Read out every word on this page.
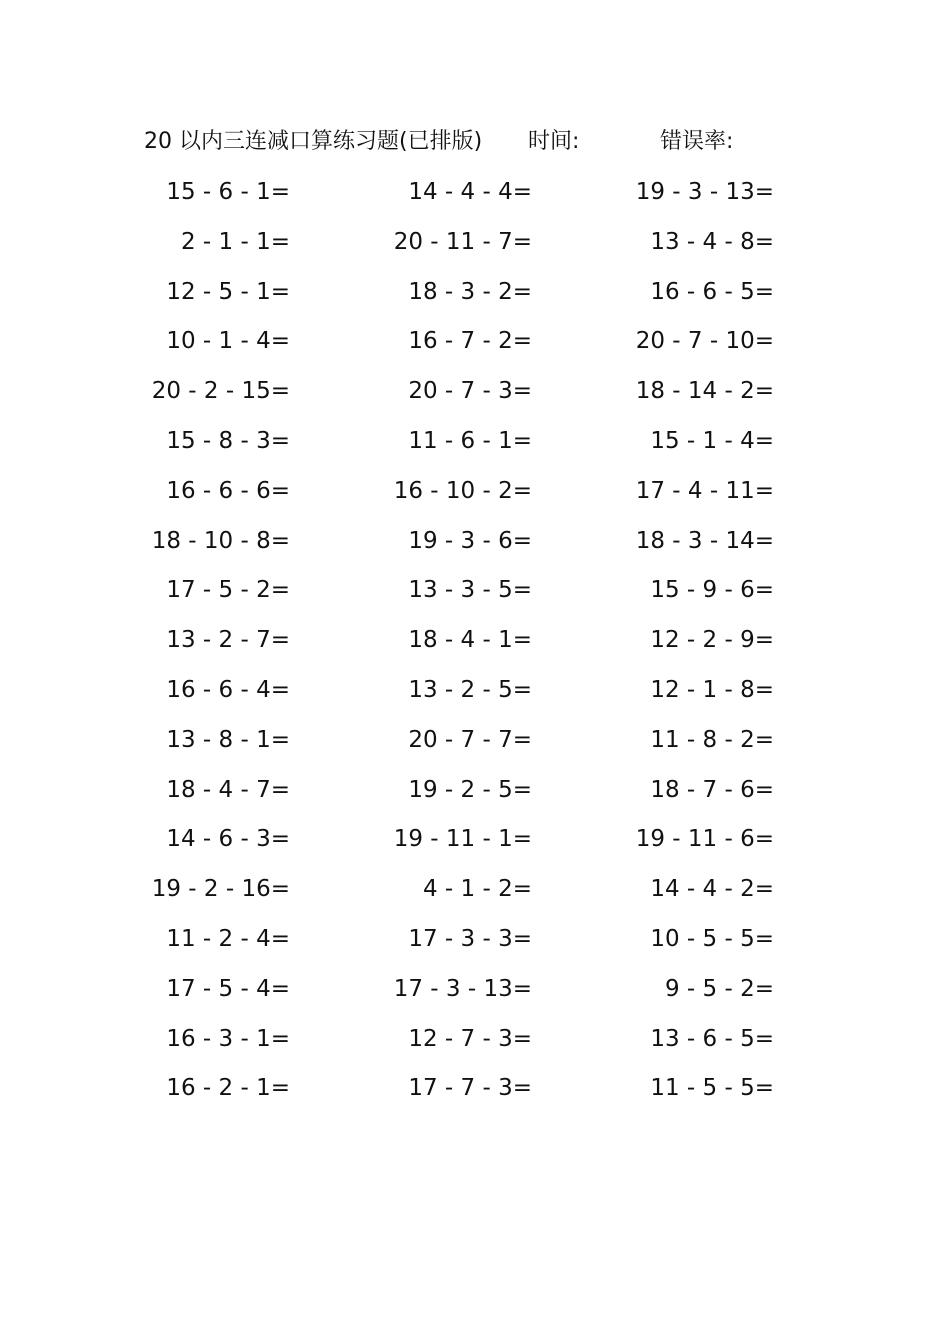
20 以内三连减口算练习题(已排版) 时间:	错误率:
15 - 6 - 1=	14 - 4 - 4=	19 - 3 - 13=
2 - 1 - 1=	20 - 11 - 7=	13 - 4 - 8=
12 - 5 - 1=	18 - 3 - 2=	16 - 6 - 5=
10 - 1 - 4=	16 - 7 - 2=	20 - 7 - 10=
20 - 2 - 15=	20 - 7 - 3=	18 - 14 - 2=
15 - 8 - 3=	11 - 6 - 1=	15 - 1 - 4=
16 - 6 - 6=	16 - 10 - 2=	17 - 4 - 11=
18 - 10 - 8=	19 - 3 - 6=	18 - 3 - 14=
17 - 5 - 2=	13 - 3 - 5=	15 - 9 - 6=
13 - 2 - 7=	18 - 4 - 1=	12 - 2 - 9=
16 - 6 - 4=	13 - 2 - 5=	12 - 1 - 8=
13 - 8 - 1=	20 - 7 - 7=	11 - 8 - 2=
18 - 4 - 7=	19 - 2 - 5=	18 - 7 - 6=
14 - 6 - 3=	19 - 11 - 1=	19 - 11 - 6=
19 - 2 - 16=	4 - 1 - 2=	14 - 4 - 2=
11 - 2 - 4=	17 - 3 - 3=	10 - 5 - 5=
17 - 5 - 4=	17 - 3 - 13=	9 - 5 - 2=
16 - 3 - 1=	12 - 7 - 3=	13 - 6 - 5=
16 - 2 - 1=	17 - 7 - 3=	11 - 5 - 5=
